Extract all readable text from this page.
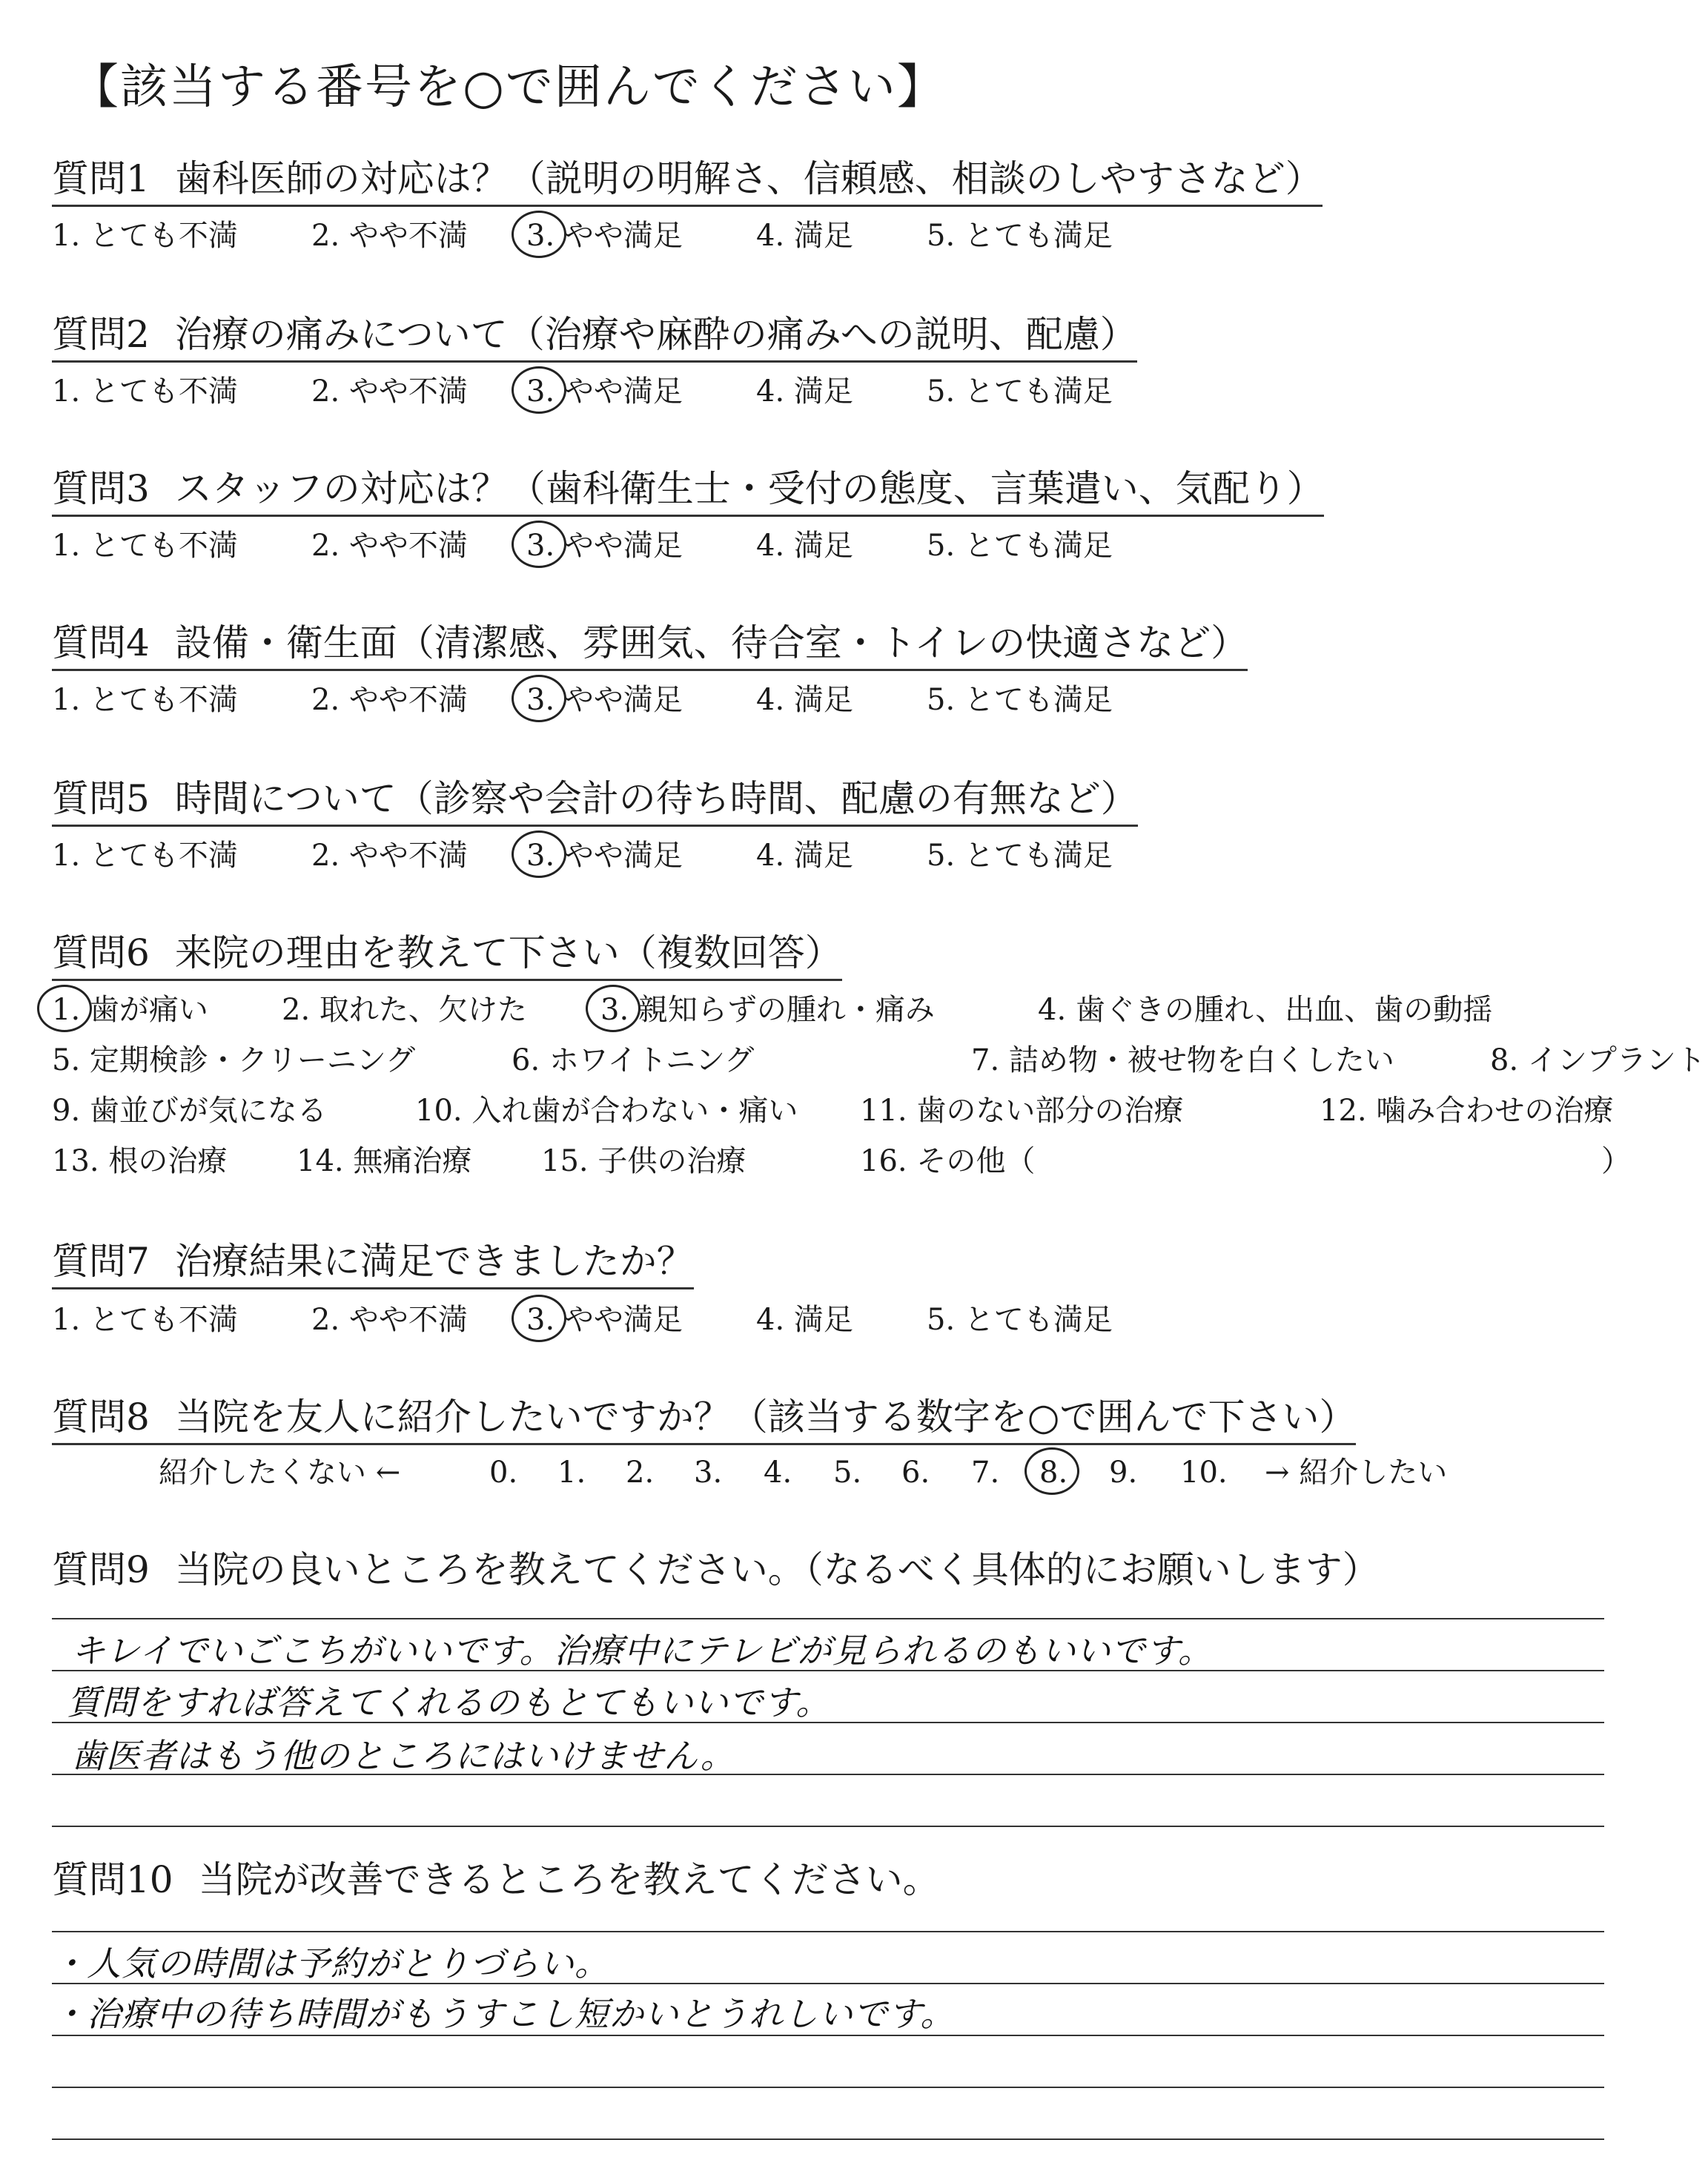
【該当する番号を○で囲んでください】
質問1 歯科医師の対応は？（説明の明解さ、信頼感、相談のしやすさなど）
質問2 治療の痛みについて（治療や麻酔の痛みへの説明、配慮）
質問3 スタッフの対応は？（歯科衛生士・受付の態度、言葉遣い、気配り）
質問4 設備・衛生面（清潔感、雰囲気、待合室・トイレの快適さなど）
質問5 時間について（診察や会計の待ち時間、配慮の有無など）
1. とても不満 2. やや不満 3. やや満足 4. 満足 5. とても満足
1. とても不満 2. やや不満 3. やや満足 4. 満足 5. とても満足
1. とても不満 2. やや不満 3. やや満足 4. 満足 5. とても満足
1. とても不満 2. やや不満 3. やや満足 4. 満足 5. とても満足
1. とても不満 2. やや不満 3. やや満足 4. 満足 5. とても満足
1. とても不満 2. やや不満 3. やや満足 4. 満足 5. とても満足
質問6 来院の理由を教えて下さい（複数回答）
1. 歯が痛い 2. 取れた、欠けた 3. 親知らずの腫れ・痛み	4. 歯ぐきの腫れ、出血、歯の動揺
5. 定期検診・クリーニング	6. ホワイトニング	7. 詰め物・被せ物を白くしたい	8. インプラント
9. 歯並びが気になる	10. 入れ歯が合わない・痛い 11. 歯のない部分の治療	12. 噛み合わせの治療
13. 根の治療 14. 無痛治療 15. 子供の治療	16. その他（	）
質問7 治療結果に満足できましたか？
質問8 当院を友人に紹介したいですか？（該当する数字を○で囲んで下さい）
紹介したくない ←	0. 1. 2. 3. 4. 5. 6. 7. 8. 9. 10. → 紹介したい
質問9 当院の良いところを教えてください。（なるべく具体的にお願いします）
キレイでいごこちがいいです。治療中にテレビが見られるのもいいです。
質問をすれば答えてくれるのもとてもいいです。
歯医者はもう他のところにはいけません。
質問10 当院が改善できるところを教えてください。
・人気の時間は予約がとりづらい。
・治療中の待ち時間がもうすこし短かいとうれしいです。
